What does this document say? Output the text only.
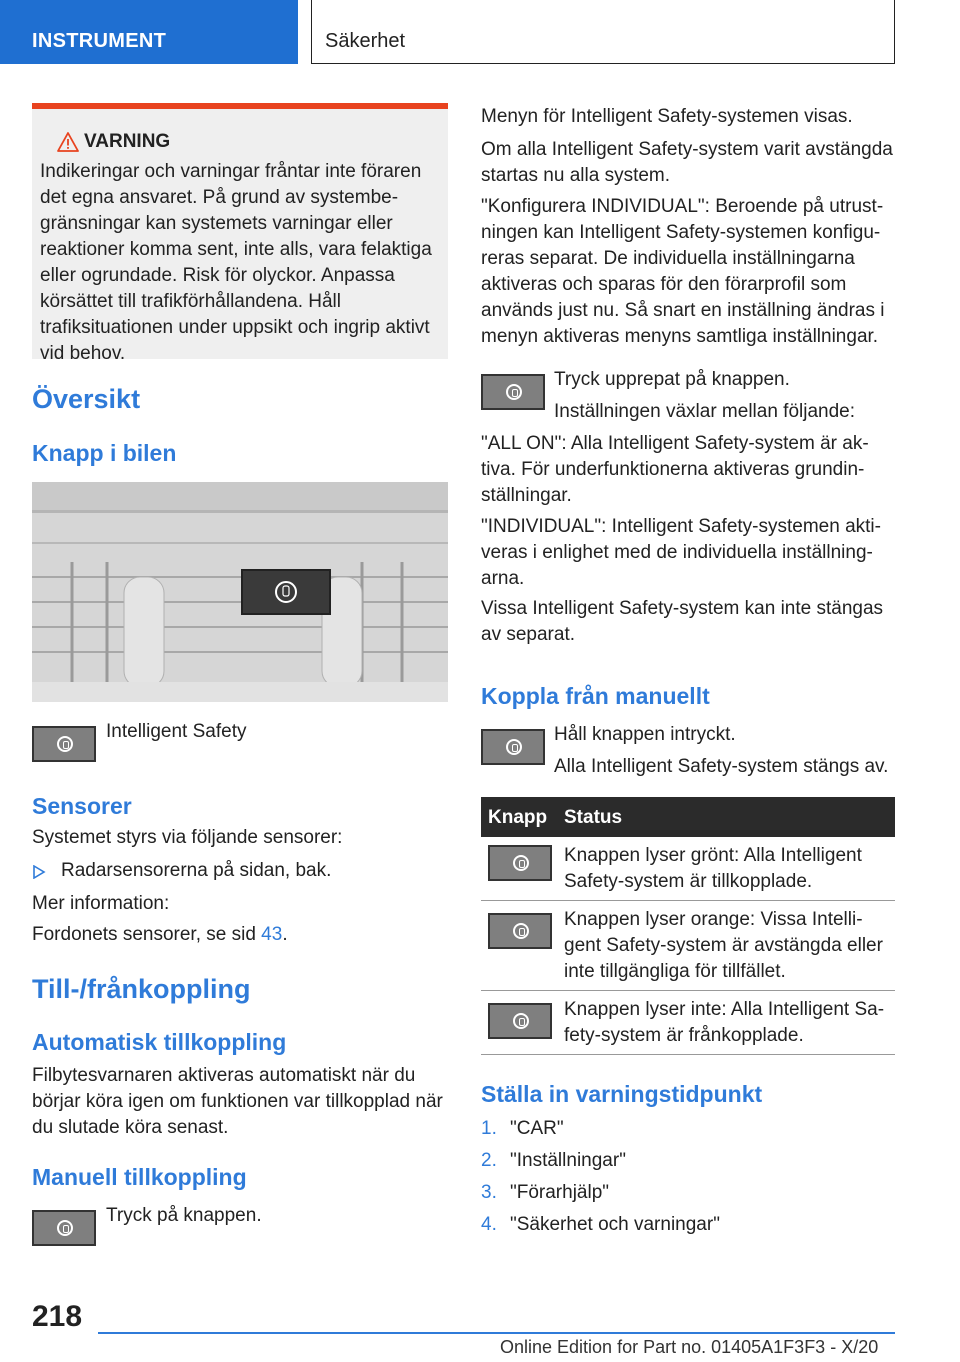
INSTRUMENT	Säkerhet
VARNING
Indikeringar och varningar fråntar inte föraren det egna ansvaret. På grund av systembegränsningar kan systemets varningar eller reaktioner komma sent, inte alls, vara felaktiga eller ogrundade. Risk för olyckor. Anpassa körsättet till trafikförhållandena. Håll trafiksituationen under uppsikt och ingrip aktivt vid behov.
Översikt
Knapp i bilen
Intelligent Safety
Sensorer
Systemet styrs via följande sensorer:
Radarsensorerna på sidan, bak.
Mer information:
Fordonets sensorer, se sid 43.
Till-/frånkoppling
Automatisk tillkoppling
Filbytesvarnaren aktiveras automatiskt när du börjar köra igen om funktionen var tillkopplad när du slutade köra senast.
Manuell tillkoppling
Tryck på knappen.
Menyn för Intelligent Safety-systemen visas.
Om alla Intelligent Safety-system varit avstängda startas nu alla system.
"Konfigurera INDIVIDUAL": Beroende på utrustningen kan Intelligent Safety-systemen konfigureras separat. De individuella inställningarna aktiveras och sparas för den förarprofil som används just nu. Så snart en inställning ändras i menyn aktiveras menyns samtliga inställningar.
Tryck upprepat på knappen.
Inställningen växlar mellan följande:
"ALL ON": Alla Intelligent Safety-system är aktiva. För underfunktionerna aktiveras grundinställningar.
"INDIVIDUAL": Intelligent Safety-systemen aktiveras i enlighet med de individuella inställningarna.
Vissa Intelligent Safety-system kan inte stängas av separat.
Koppla från manuellt
Håll knappen intryckt.
Alla Intelligent Safety-system stängs av.
Knapp Status
Knappen lyser grönt: Alla Intelligent Safety-system är tillkopplade.
Knappen lyser orange: Vissa Intelligent Safety-system är avstängda eller inte tillgängliga för tillfället.
Knappen lyser inte: Alla Intelligent Safety-system är frånkopplade.
Ställa in varningstidpunkt
1. "CAR"
2. "Inställningar"
3. "Förarhjälp"
4. "Säkerhet och varningar"
218
Online Edition for Part no. 01405A1F3F3 - X/20
